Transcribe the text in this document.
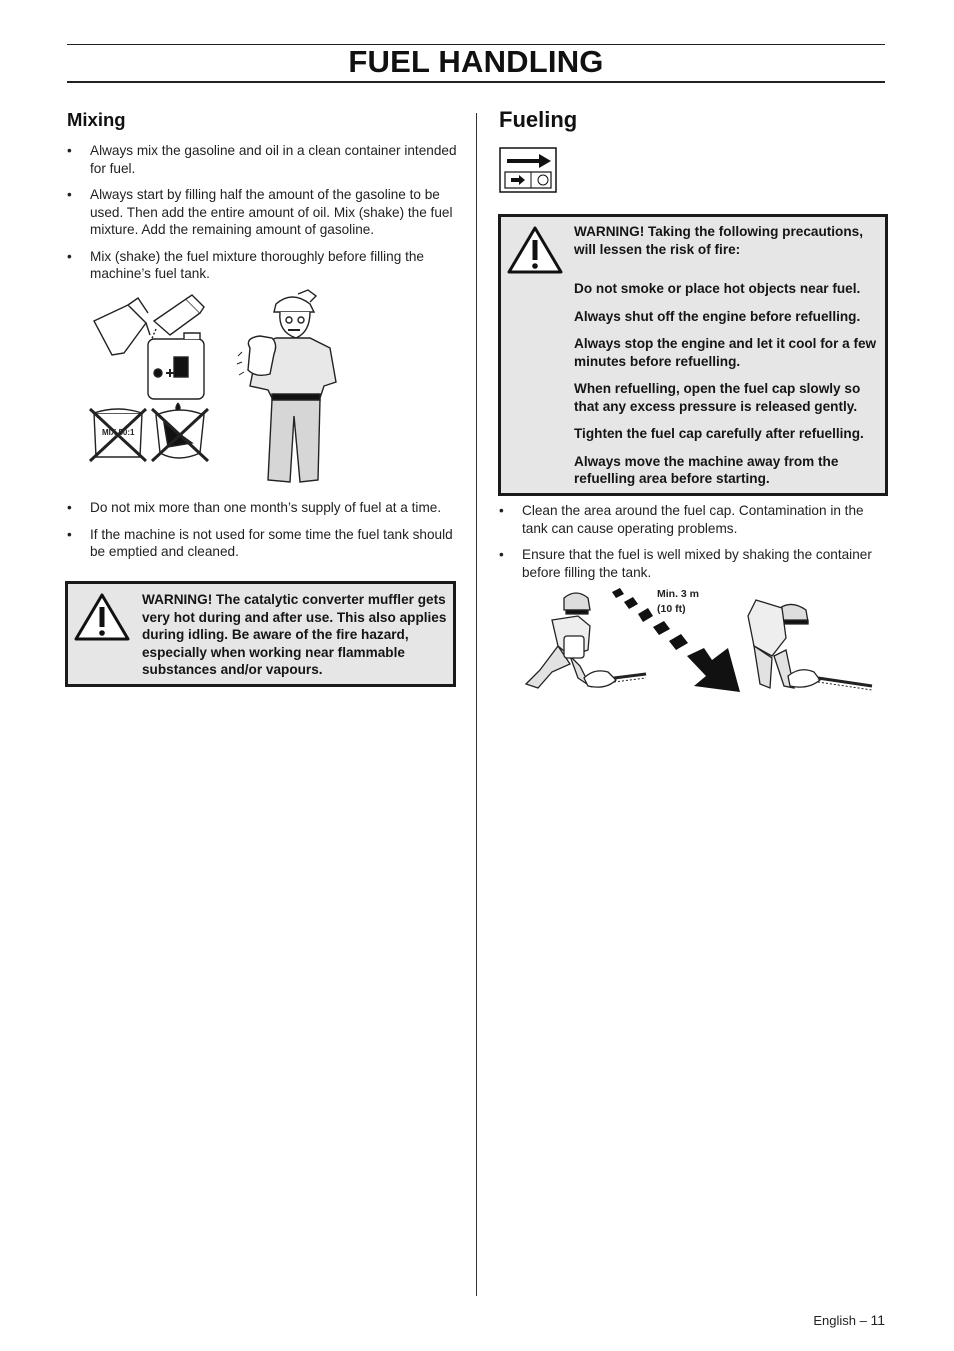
FUEL HANDLING
Mixing
• Always mix the gasoline and oil in a clean container intended for fuel.
• Always start by filling half the amount of the gasoline to be used. Then add the entire amount of oil. Mix (shake) the fuel mixture. Add the remaining amount of gasoline.
• Mix (shake) the fuel mixture thoroughly before filling the machine’s fuel tank.
MIX 50:1
• Do not mix more than one month’s supply of fuel at a time.
• If the machine is not used for some time the fuel tank should be emptied and cleaned.
WARNING! The catalytic converter muffler gets very hot during and after use. This also applies during idling. Be aware of the fire hazard, especially when working near flammable substances and/or vapours.
Fueling

WARNING! Taking the following precautions, will lessen the risk of fire:

Do not smoke or place hot objects near fuel.

Always shut off the engine before refuelling.

Always stop the engine and let it cool for a few minutes before refuelling.

When refuelling, open the fuel cap slowly so that any excess pressure is released gently.

Tighten the fuel cap carefully after refuelling.

Always move the machine away from the refuelling area before starting.

• Clean the area around the fuel cap. Contamination in the tank can cause operating problems.
• Ensure that the fuel is well mixed by shaking the container before filling the tank.
Min. 3 m
(10 ft)
English – 11
